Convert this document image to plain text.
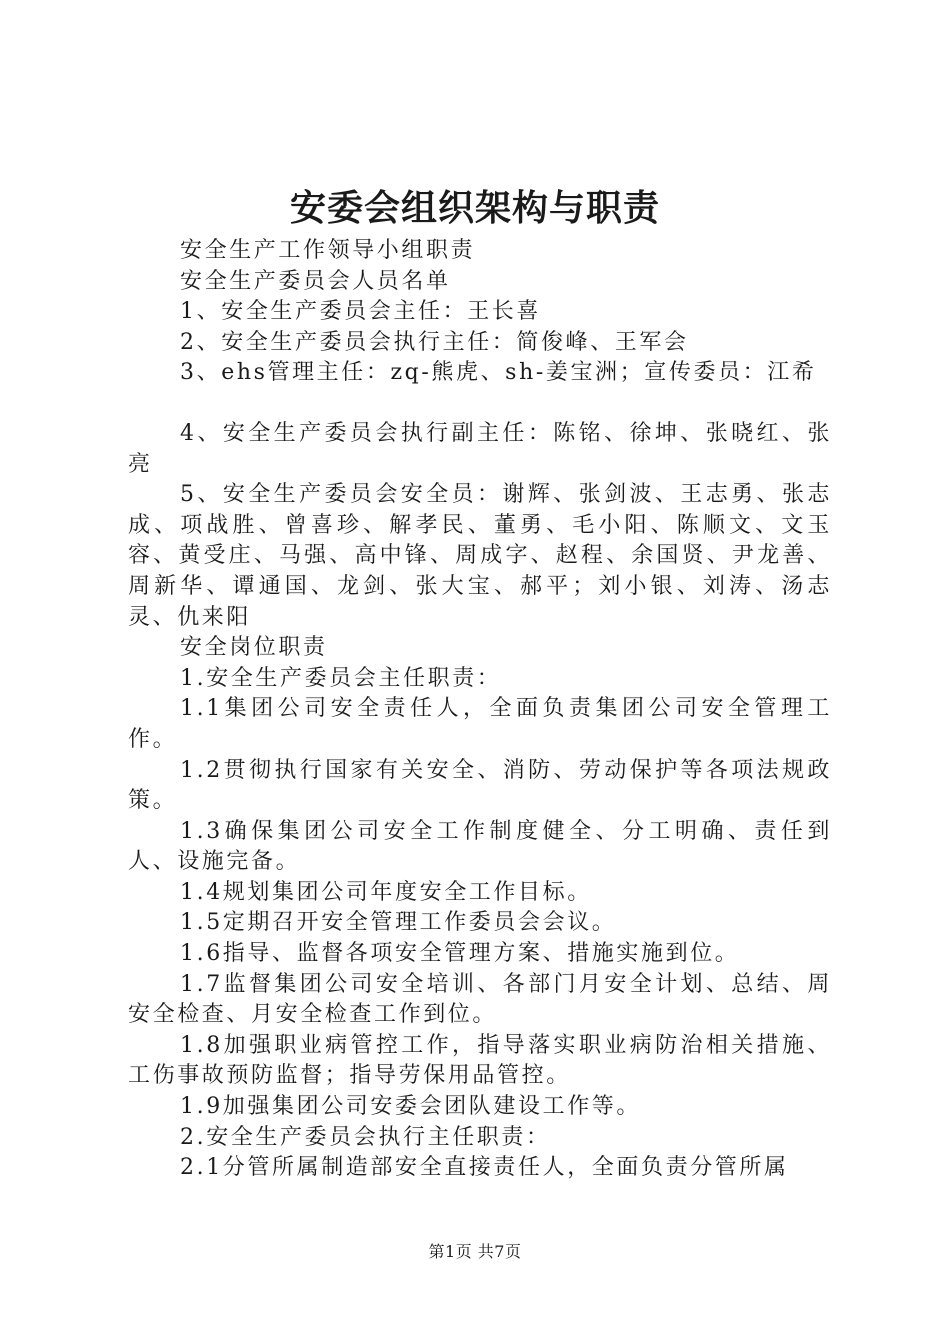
安委会组织架构与职责

安全生产工作领导小组职责

安全生产委员会人员名单

1、安全生产委员会主任：王长喜

2、安全生产委员会执行主任：简俊峰、王军会

3、ehs管理主任：zq-熊虎、sh-姜宝洲；宣传委员：江希

4、安全生产委员会执行副主任：陈铭、徐坤、张晓红、张亮

5、安全生产委员会安全员：谢辉、张剑波、王志勇、张志成、项战胜、曾喜珍、解孝民、董勇、毛小阳、陈顺文、文玉容、黄受庄、马强、高中锋、周成字、赵程、余国贤、尹龙善、周新华、谭通国、龙剑、张大宝、郝平；刘小银、刘涛、汤志灵、仇来阳

安全岗位职责

1.安全生产委员会主任职责：

1.1集团公司安全责任人，全面负责集团公司安全管理工作。

1.2贯彻执行国家有关安全、消防、劳动保护等各项法规政策。

1.3确保集团公司安全工作制度健全、分工明确、责任到人、设施完备。

1.4规划集团公司年度安全工作目标。

1.5定期召开安全管理工作委员会会议。

1.6指导、监督各项安全管理方案、措施实施到位。

1.7监督集团公司安全培训、各部门月安全计划、总结、周安全检查、月安全检查工作到位。

1.8加强职业病管控工作，指导落实职业病防治相关措施、工伤事故预防监督；指导劳保用品管控。

1.9加强集团公司安委会团队建设工作等。

2.安全生产委员会执行主任职责：

2.1分管所属制造部安全直接责任人，全面负责分管所属

第1页 共7页
